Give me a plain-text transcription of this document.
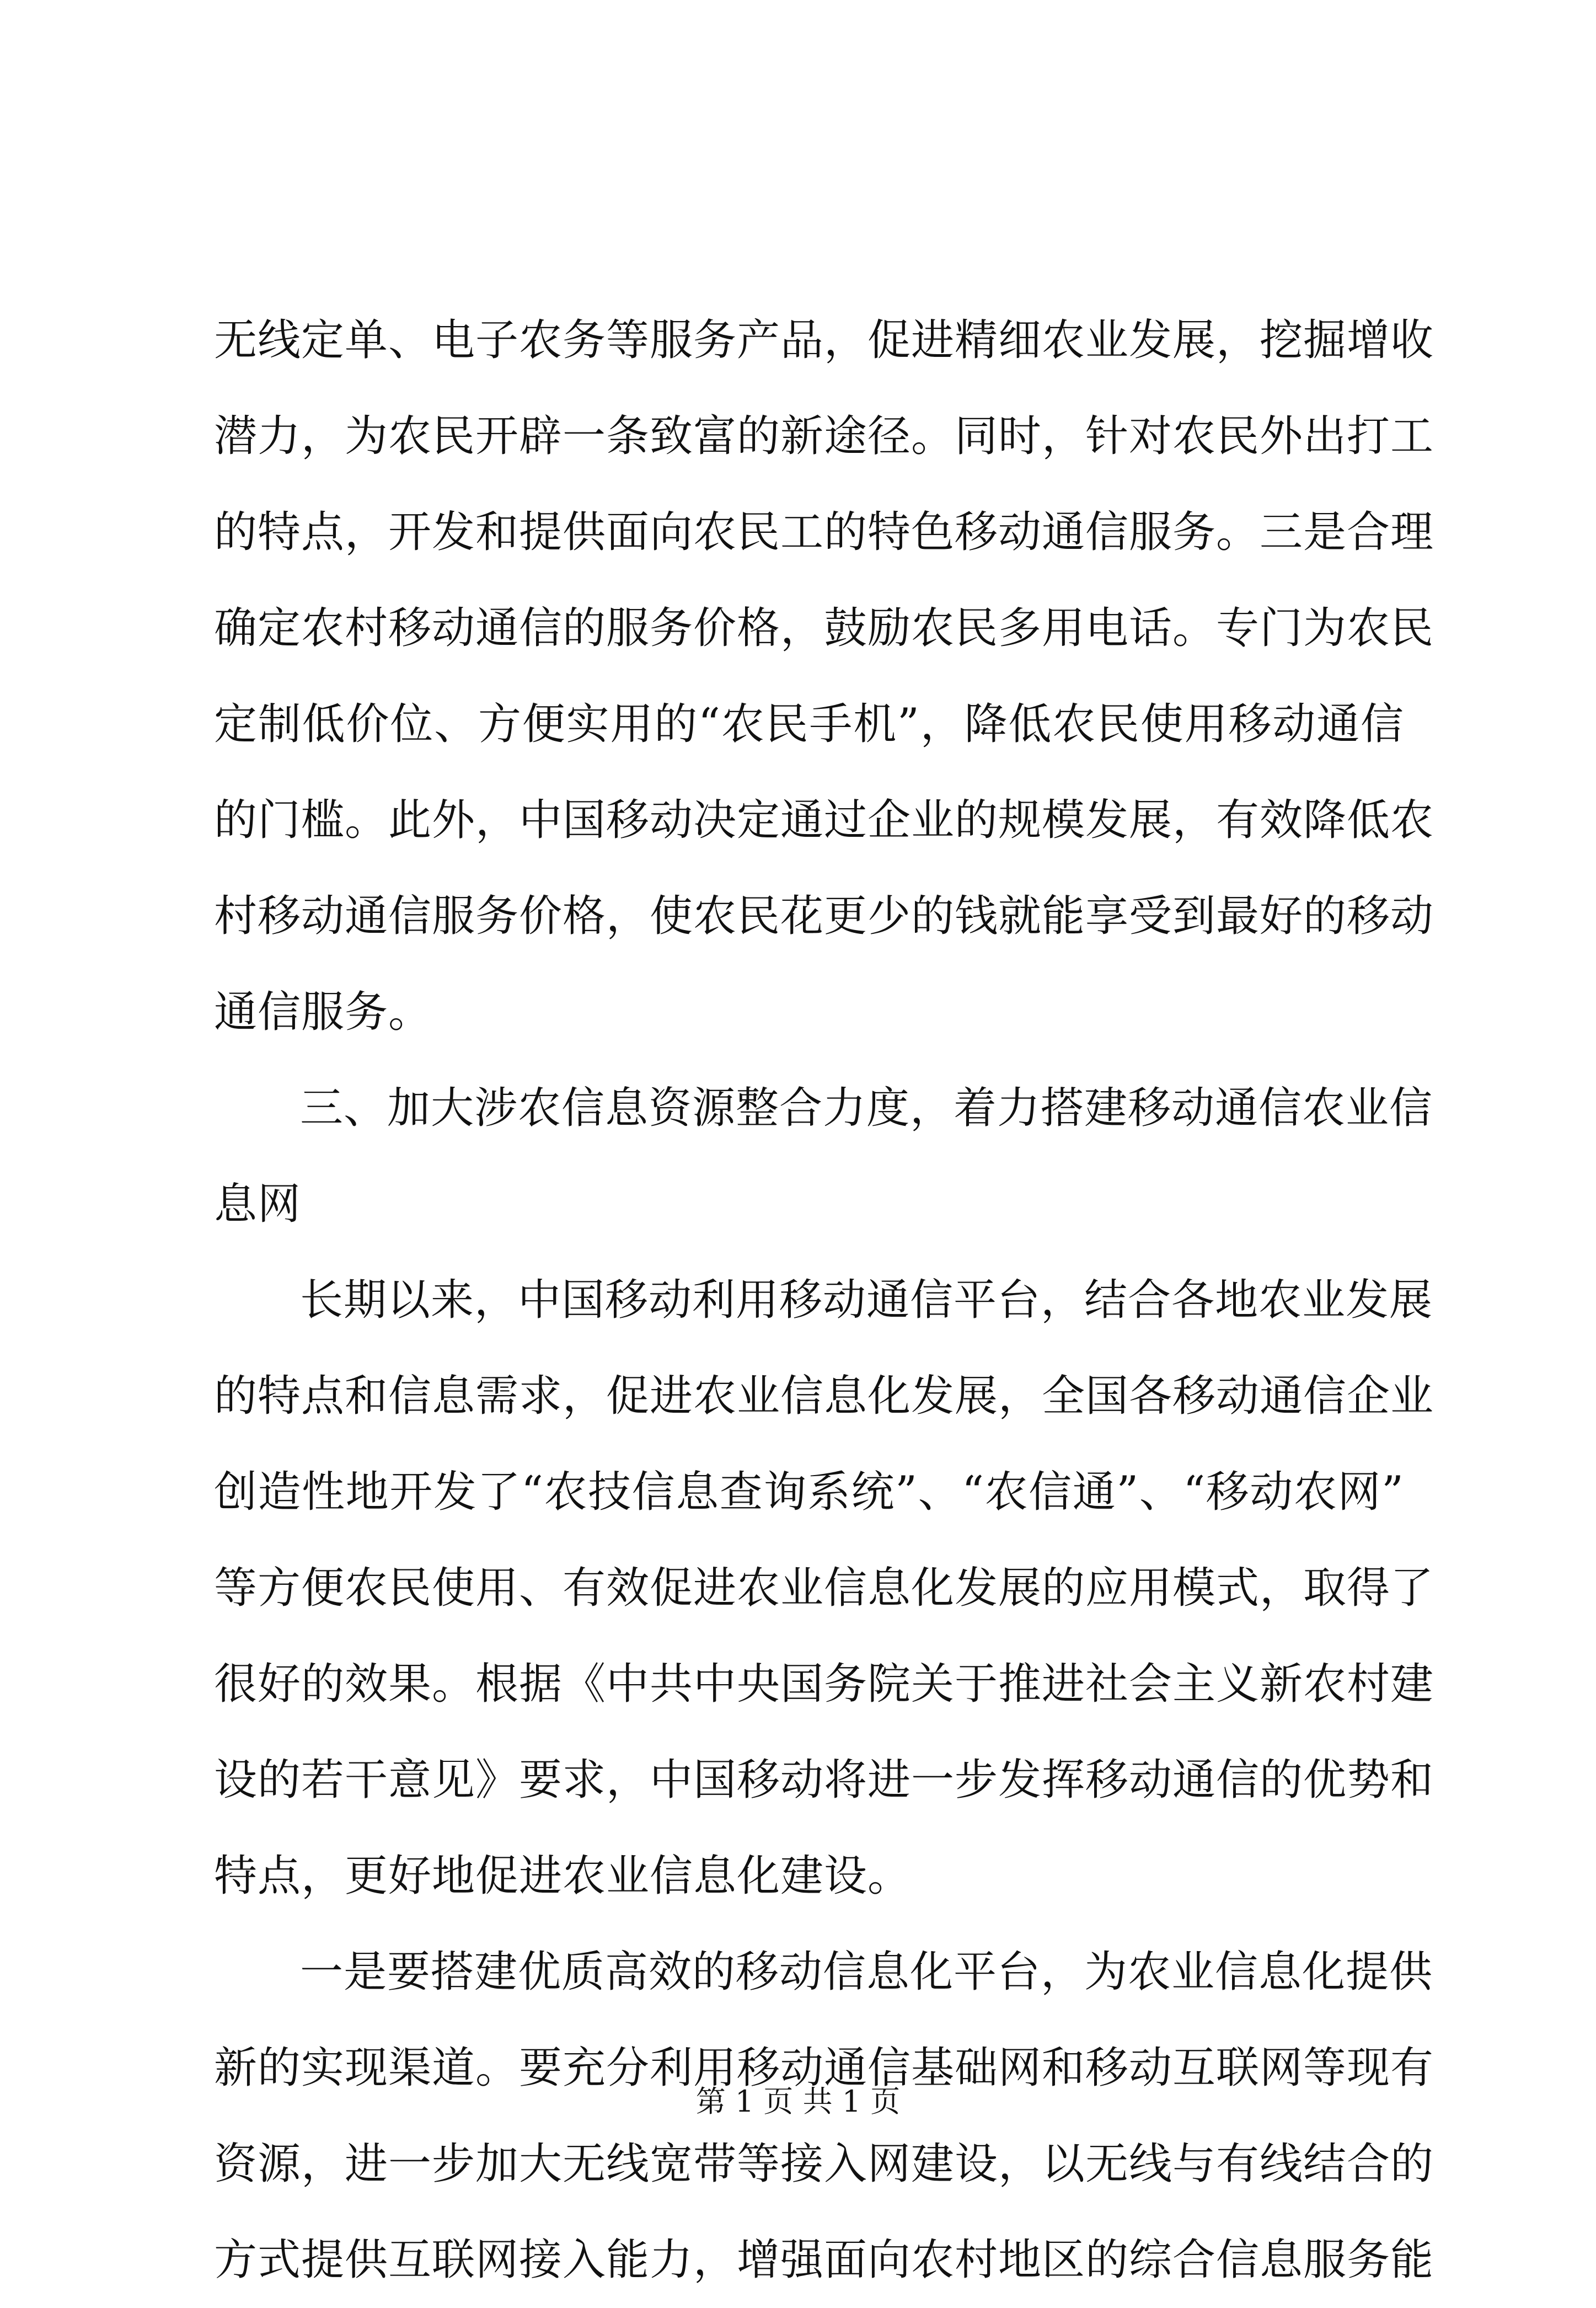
无线定单、电子农务等服务产品，促进精细农业发展，挖掘增收
潜力，为农民开辟一条致富的新途径。同时，针对农民外出打工
的特点，开发和提供面向农民工的特色移动通信服务。三是合理
确定农村移动通信的服务价格，鼓励农民多用电话。专门为农民
定制低价位、方便实用的“农民手机”，降低农民使用移动通信
的门槛。此外，中国移动决定通过企业的规模发展，有效降低农
村移动通信服务价格，使农民花更少的钱就能享受到最好的移动
通信服务。
三、加大涉农信息资源整合力度，着力搭建移动通信农业信
息网
长期以来，中国移动利用移动通信平台，结合各地农业发展
的特点和信息需求，促进农业信息化发展，全国各移动通信企业
创造性地开发了“农技信息查询系统”、“农信通”、“移动农网”
等方便农民使用、有效促进农业信息化发展的应用模式，取得了
很好的效果。根据《中共中央国务院关于推进社会主义新农村建
设的若干意见》要求，中国移动将进一步发挥移动通信的优势和
特点，更好地促进农业信息化建设。
一是要搭建优质高效的移动信息化平台，为农业信息化提供
新的实现渠道。要充分利用移动通信基础网和移动互联网等现有
资源，进一步加大无线宽带等接入网建设，以无线与有线结合的
方式提供互联网接入能力，增强面向农村地区的综合信息服务能
第 1 页 共 1 页
